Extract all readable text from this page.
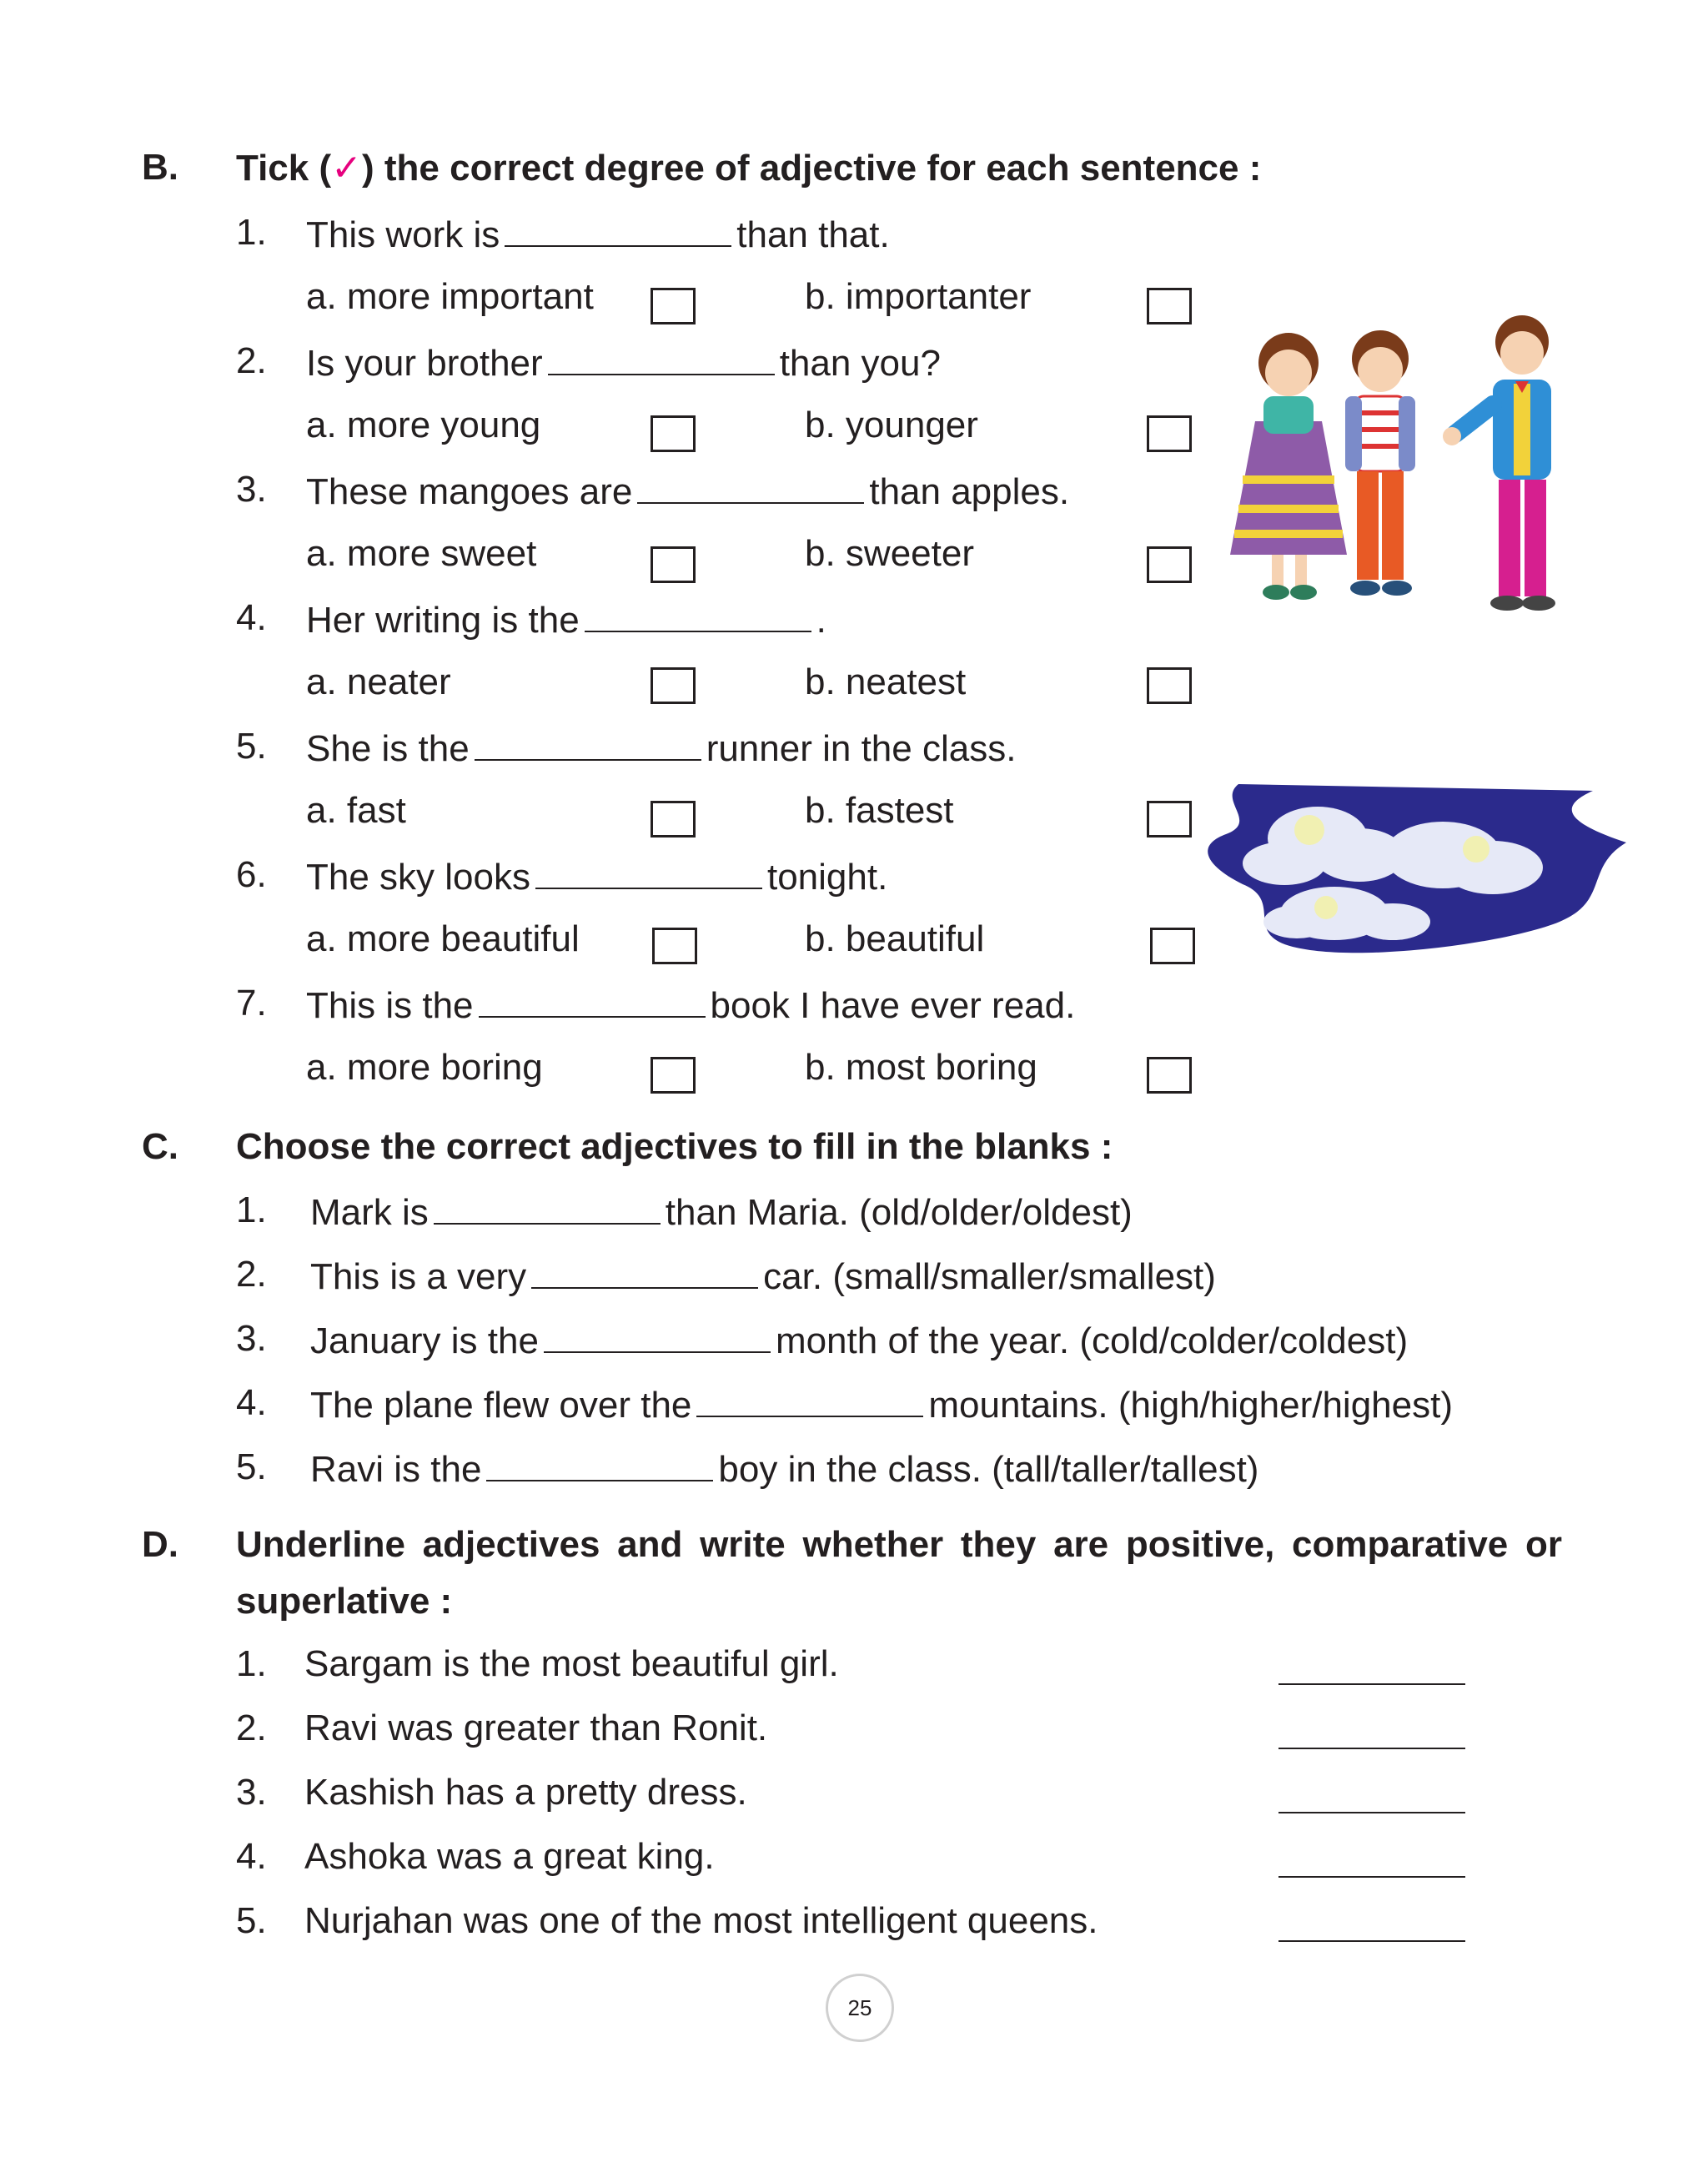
B. Tick (✓) the correct degree of adjective for each sentence :
1. This work is	than that.
a. more important	b. importanter
2. Is your brother	than you?
a. more young	b. younger
3. These mangoes are	than apples.
a. more sweet	b. sweeter
4. Her writing is the	.
a. neater	b. neatest
5. She is the	runner in the class.
a. fast	b. fastest
6. The sky looks	tonight.
a. more beautiful	b. beautiful
7. This is the	book I have ever read.
a. more boring	b. most boring
C. Choose the correct adjectives to fill in the blanks :
1. Mark is	than Maria. (old/older/oldest)
2. This is a very	car. (small/smaller/smallest)
3. January is the	month of the year. (cold/colder/coldest)
4. The plane flew over the	mountains. (high/higher/highest)
5. Ravi is the	boy in the class. (tall/taller/tallest)
D. Underline adjectives and write whether they are positive, comparative or
superlative :
1. Sargam is the most beautiful girl.
2. Ravi was greater than Ronit.
3. Kashish has a pretty dress.
4. Ashoka was a great king.
5. Nurjahan was one of the most intelligent queens.
25
